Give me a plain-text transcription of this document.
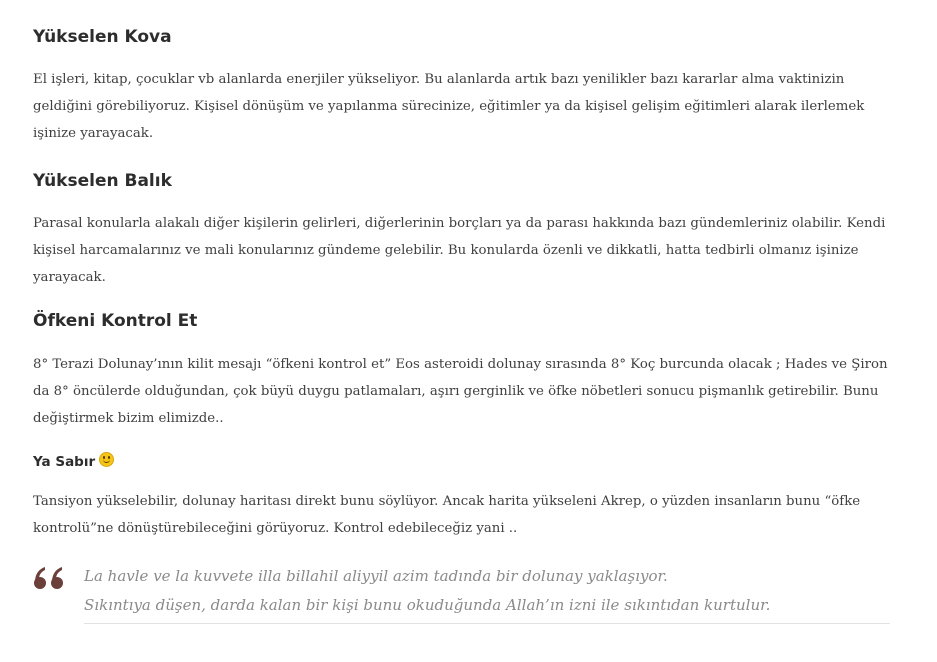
Yükselen Kova

El işleri, kitap, çocuklar vb alanlarda enerjiler yükseliyor. Bu alanlarda artık bazı yenilikler bazı kararlar alma vaktinizin geldiğini görebiliyoruz. Kişisel dönüşüm ve yapılanma sürecinize, eğitimler ya da kişisel gelişim eğitimleri alarak ilerlemek işinize yarayacak.

Yükselen Balık

Parasal konularla alakalı diğer kişilerin gelirleri, diğerlerinin borçları ya da parası hakkında bazı gündemleriniz olabilir. Kendi kişisel harcamalarınız ve mali konularınız gündeme gelebilir. Bu konularda özenli ve dikkatli, hatta tedbirli olmanız işinize yarayacak.

Öfkeni Kontrol Et

8° Terazi Dolunay’ının kilit mesajı “öfkeni kontrol et” Eos asteroidi dolunay sırasında 8° Koç burcunda olacak ; Hades ve Şiron da 8° öncülerde olduğundan, çok büyü duygu patlamaları, aşırı gerginlik ve öfke nöbetleri sonucu pişmanlık getirebilir. Bunu değiştirmek bizim elimizde..

Ya Sabır

Tansiyon yükselebilir, dolunay haritası direkt bunu söylüyor. Ancak harita yükseleni Akrep, o yüzden insanların bunu “öfke kontrolü”ne dönüştürebileceğini görüyoruz. Kontrol edebileceğiz yani ..

La havle ve la kuvvete illa billahil aliyyil azim tadında bir dolunay yaklaşıyor.
Sıkıntıya düşen, darda kalan bir kişi bunu okuduğunda Allah’ın izni ile sıkıntıdan kurtulur.
